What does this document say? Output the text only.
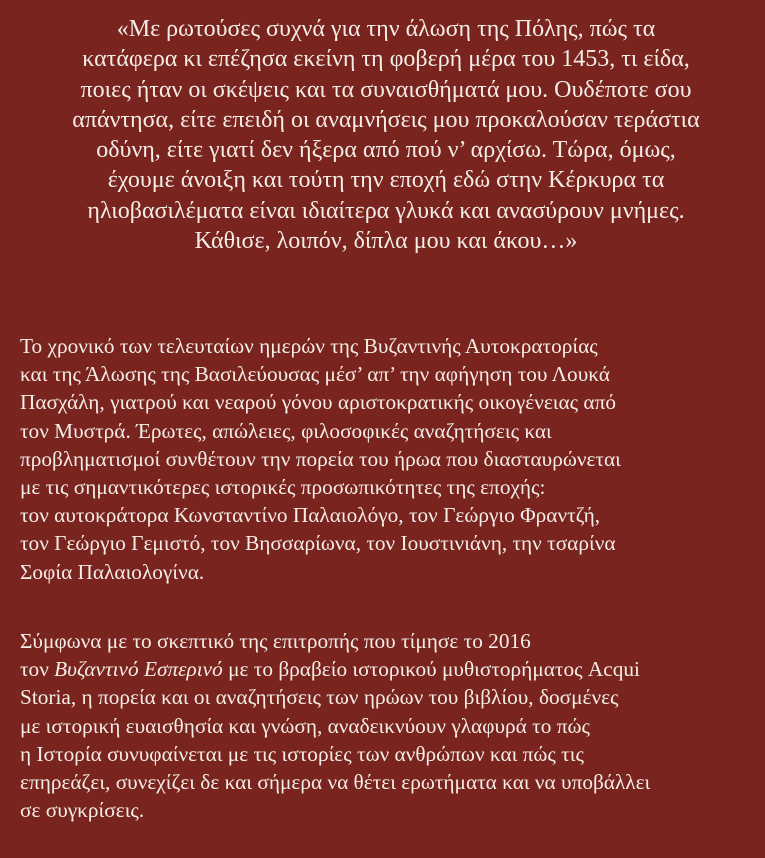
«Με ρωτούσες συχνά για την άλωση της Πόλης, πώς τα
κατάφερα κι επέζησα εκείνη τη φοβερή μέρα του 1453, τι είδα,
ποιες ήταν οι σκέψεις και τα συναισθήματά μου. Ουδέποτε σου
απάντησα, είτε επειδή οι αναμνήσεις μου προκαλούσαν τεράστια
οδύνη, είτε γιατί δεν ήξερα από πού ν’ αρχίσω. Τώρα, όμως,
έχουμε άνοιξη και τούτη την εποχή εδώ στην Κέρκυρα τα
ηλιοβασιλέματα είναι ιδιαίτερα γλυκά και ανασύρουν μνήμες.
Κάθισε, λοιπόν, δίπλα μου και άκου…»
Το χρονικό των τελευταίων ημερών της Βυζαντινής Αυτοκρατορίας
και της Άλωσης της Βασιλεύουσας μέσ’ απ’ την αφήγηση του Λουκά
Πασχάλη, γιατρού και νεαρού γόνου αριστοκρατικής οικογένειας από
τον Μυστρά. Έρωτες, απώλειες, φιλοσοφικές αναζητήσεις και
προβληματισμοί συνθέτουν την πορεία του ήρωα που διασταυρώνεται
με τις σημαντικότερες ιστορικές προσωπικότητες της εποχής:
τον αυτοκράτορα Κωνσταντίνο Παλαιολόγο, τον Γεώργιο Φραντζή,
τον Γεώργιο Γεμιστό, τον Βησσαρίωνα, τον Ιουστινιάνη, την τσαρίνα
Σοφία Παλαιολογίνα.
Σύμφωνα με το σκεπτικό της επιτροπής που τίμησε το 2016
τον Βυζαντινό Εσπερινό με το βραβείο ιστορικού μυθιστορήματος Acqui
Storia, η πορεία και οι αναζητήσεις των ηρώων του βιβλίου, δοσμένες
με ιστορική ευαισθησία και γνώση, αναδεικνύουν γλαφυρά το πώς
η Ιστορία συνυφαίνεται με τις ιστορίες των ανθρώπων και πώς τις
επηρεάζει, συνεχίζει δε και σήμερα να θέτει ερωτήματα και να υποβάλλει
σε συγκρίσεις.
